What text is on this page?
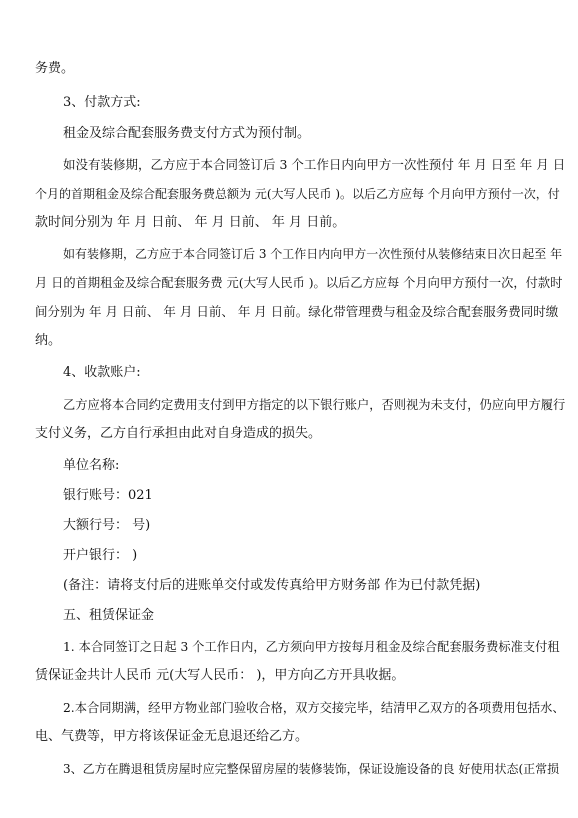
务费。
3、付款方式:
租金及综合配套服务费支付方式为预付制。
如没有装修期，乙方应于本合同签订后 3 个工作日内向甲方一次性预付 年 月 日至 年 月 日
个月的首期租金及综合配套服务费总额为 元(大写人民币 )。以后乙方应每 个月向甲方预付一次，付
款时间分别为 年 月 日前、 年 月 日前、 年 月 日前。
如有装修期，乙方应于本合同签订后 3 个工作日内向甲方一次性预付从装修结束日次日起至 年
月 日的首期租金及综合配套服务费 元(大写人民币 )。以后乙方应每 个月向甲方预付一次，付款时
间分别为 年 月 日前、 年 月 日前、 年 月 日前。绿化带管理费与租金及综合配套服务费同时缴
纳。
4、收款账户:
乙方应将本合同约定费用支付到甲方指定的以下银行账户，否则视为未支付，仍应向甲方履行
支付义务，乙方自行承担由此对自身造成的损失。
单位名称:
银行账号：021
大额行号： 号)
开户银行： )
(备注：请将支付后的进账单交付或发传真给甲方财务部 作为已付款凭据)
五、租赁保证金
1. 本合同签订之日起 3 个工作日内，乙方须向甲方按每月租金及综合配套服务费标准支付租
赁保证金共计人民币 元(大写人民币： )，甲方向乙方开具收据。
2.本合同期满，经甲方物业部门验收合格，双方交接完毕，结清甲乙双方的各项费用包括水、
电、气费等，甲方将该保证金无息退还给乙方。
3、乙方在腾退租赁房屋时应完整保留房屋的装修装饰，保证设施设备的良 好使用状态(正常损
